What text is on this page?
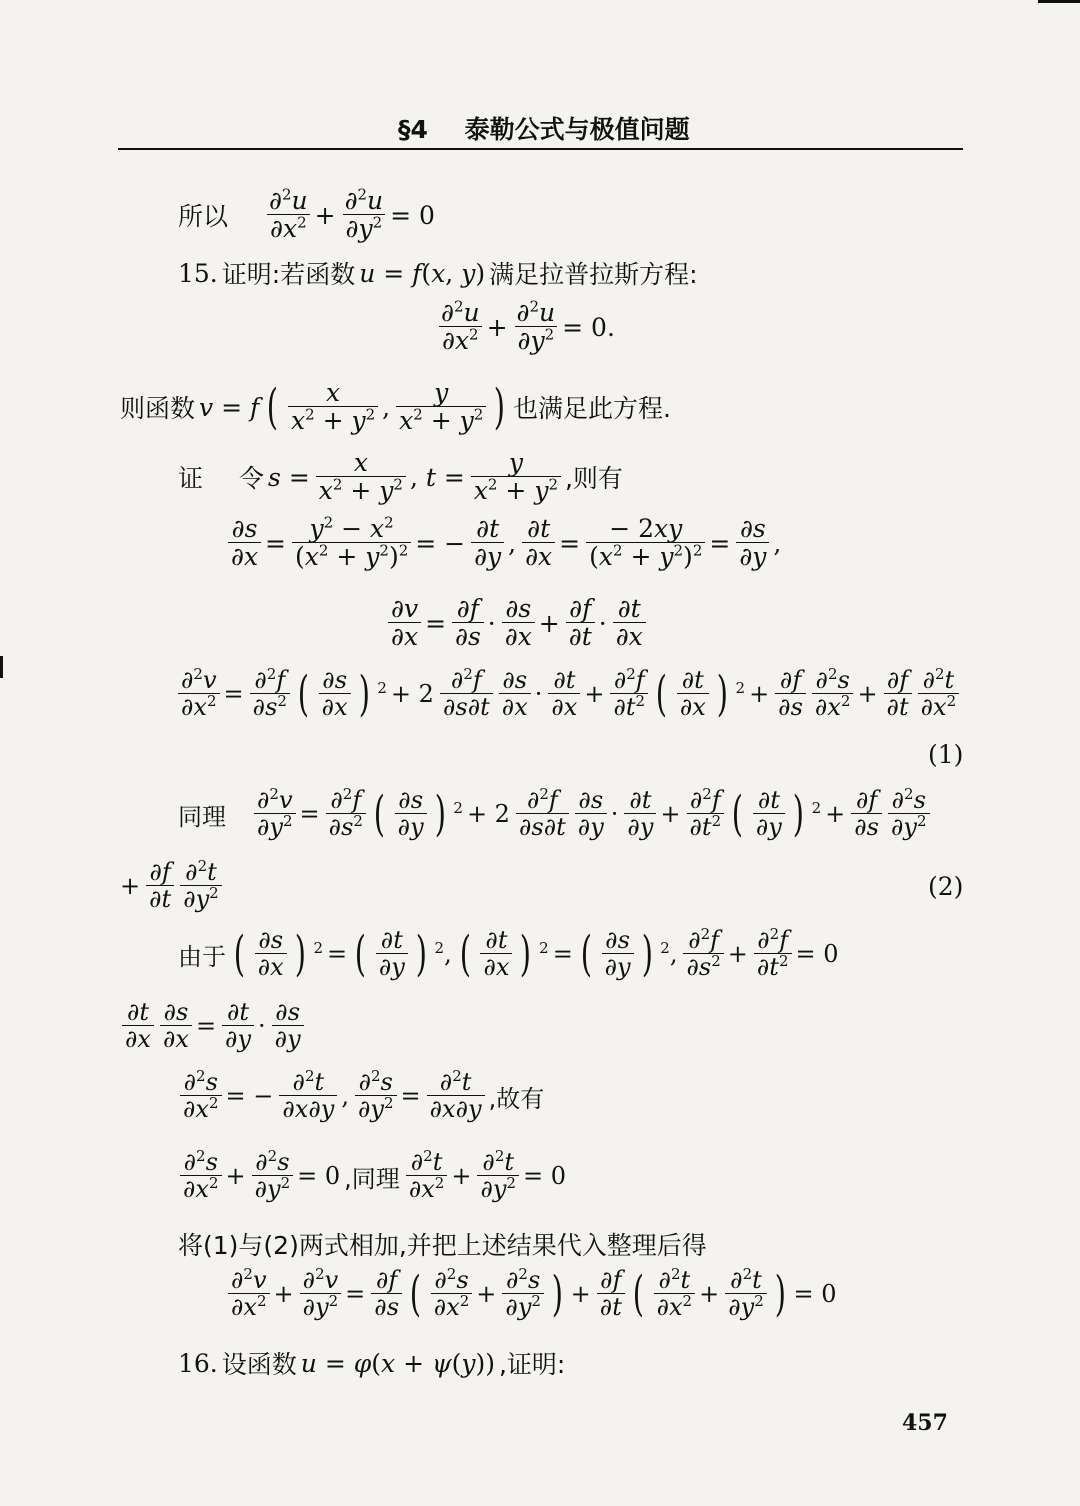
§4 泰勒公式与极值问题
所以 $\frac{\partial^2u}{\partial x^2} + \frac{\partial^2u}{\partial y^2} = 0$
15. 证明:若函数 u = f(x, y) 满足拉普拉斯方程:
$\frac{\partial^2u}{\partial x^2} + \frac{\partial^2u}{\partial y^2} = 0$.
则函数 v = f ( $\frac{x}{x^2 + y^2}$ , $\frac{y}{x^2 + y^2}$ ) 也满足此方程.
证 令 $s = \frac{x}{x^2 + y^2}$ , $t = \frac{y}{x^2 + y^2}$ ,则有
$\frac{\partial s}{\partial x} = \frac{y^2 - x^2}{(x^2 + y^2)^2}$ = − $\frac{\partial t}{\partial y}$ , $\frac{\partial t}{\partial x} = \frac{- 2xy}{(x^2 + y^2)^2} = \frac{\partial s}{\partial y}$ ,
$\frac{\partial v}{\partial x} = \frac{\partial f}{\partial s} \cdot \frac{\partial s}{\partial x} + \frac{\partial f}{\partial t} \cdot \frac{\partial t}{\partial x}$
$\frac{\partial^2v}{\partial x^2} = \frac{\partial^2f}{\partial s^2}$ ( $\frac{\partial s}{\partial x}$ ) $^2 + 2 \frac{\partial^2f}{\partial s\partial t} \frac{\partial s}{\partial x} \cdot \frac{\partial t}{\partial x} + \frac{\partial^2f}{\partial t^2}$ ( $\frac{\partial t}{\partial x}$ ) $^2 + \frac{\partial f}{\partial s} \frac{\partial^2s}{\partial x^2} + \frac{\partial f}{\partial t} \frac{\partial^2t}{\partial x^2}$
(1)
同理 $\frac{\partial^2v}{\partial y^2} = \frac{\partial^2f}{\partial s^2}$ ( $\frac{\partial s}{\partial y}$ ) $^2 + 2 \frac{\partial^2f}{\partial s\partial t} \frac{\partial s}{\partial y} \cdot \frac{\partial t}{\partial y} + \frac{\partial^2f}{\partial t^2}$ ( $\frac{\partial t}{\partial y}$ ) $^2 + \frac{\partial f}{\partial s} \frac{\partial^2s}{\partial y^2}$
+ $\frac{\partial f}{\partial t} \frac{\partial^2t}{\partial y^2}$	(2)
由于 ( $\frac{\partial s}{\partial x}$ ) $^2$ = ( $\frac{\partial t}{\partial y}$ ) $^2$, ( $\frac{\partial t}{\partial x}$ ) $^2$ = ( $\frac{\partial s}{\partial y}$ ) $^2$, $\frac{\partial^2f}{\partial s^2} + \frac{\partial^2f}{\partial t^2} = 0$
$\frac{\partial t}{\partial x} \frac{\partial s}{\partial x} = \frac{\partial t}{\partial y} \cdot \frac{\partial s}{\partial y}$
$\frac{\partial^2s}{\partial x^2}$ = − $\frac{\partial^2t}{\partial x\partial y}$ , $\frac{\partial^2s}{\partial y^2} = \frac{\partial^2t}{\partial x\partial y}$ ,故有
$\frac{\partial^2s}{\partial x^2} + \frac{\partial^2s}{\partial y^2} = 0$ ,同理 $\frac{\partial^2t}{\partial x^2} + \frac{\partial^2t}{\partial y^2} = 0$
将(1)与(2)两式相加,并把上述结果代入整理后得
$\frac{\partial^2v}{\partial x^2} + \frac{\partial^2v}{\partial y^2} = \frac{\partial f}{\partial s}$ ( $\frac{\partial^2s}{\partial x^2} + \frac{\partial^2s}{\partial y^2}$ ) + $\frac{\partial f}{\partial t}$ ( $\frac{\partial^2t}{\partial x^2} + \frac{\partial^2t}{\partial y^2}$ ) = 0
16. 设函数 u = φ(x + ψ(y)) ,证明:
457
